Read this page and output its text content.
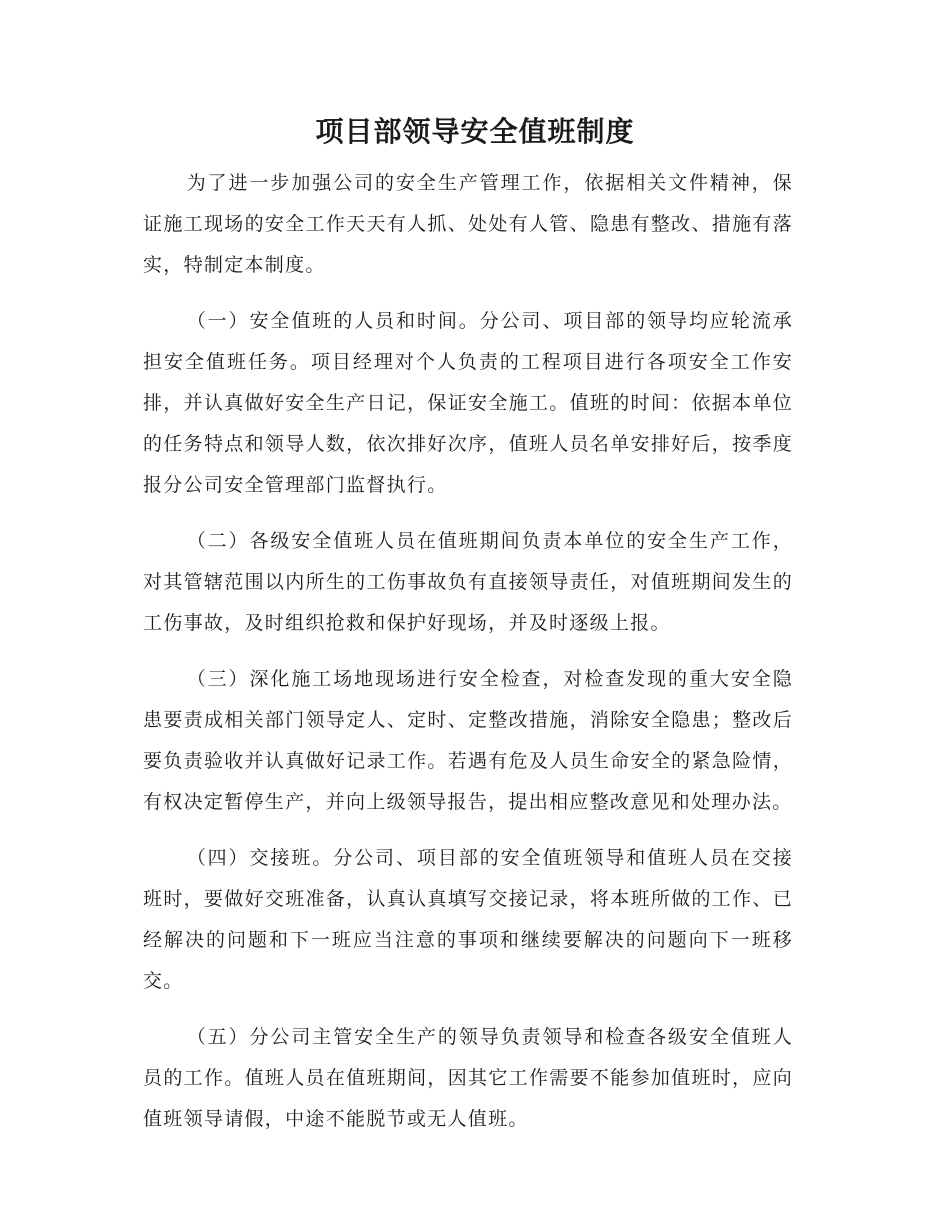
项目部领导安全值班制度

为了进一步加强公司的安全生产管理工作，依据相关文件精神，保证施工现场的安全工作天天有人抓、处处有人管、隐患有整改、措施有落实，特制定本制度。

（一）安全值班的人员和时间。分公司、项目部的领导均应轮流承担安全值班任务。项目经理对个人负责的工程项目进行各项安全工作安排，并认真做好安全生产日记，保证安全施工。值班的时间：依据本单位的任务特点和领导人数，依次排好次序，值班人员名单安排好后，按季度报分公司安全管理部门监督执行。

（二）各级安全值班人员在值班期间负责本单位的安全生产工作，对其管辖范围以内所生的工伤事故负有直接领导责任，对值班期间发生的工伤事故，及时组织抢救和保护好现场，并及时逐级上报。

（三）深化施工场地现场进行安全检查，对检查发现的重大安全隐患要责成相关部门领导定人、定时、定整改措施，消除安全隐患；整改后要负责验收并认真做好记录工作。若遇有危及人员生命安全的紧急险情，有权决定暂停生产，并向上级领导报告，提出相应整改意见和处理办法。

（四）交接班。分公司、项目部的安全值班领导和值班人员在交接班时，要做好交班准备，认真认真填写交接记录，将本班所做的工作、已经解决的问题和下一班应当注意的事项和继续要解决的问题向下一班移交。

（五）分公司主管安全生产的领导负责领导和检查各级安全值班人员的工作。值班人员在值班期间，因其它工作需要不能参加值班时，应向值班领导请假，中途不能脱节或无人值班。
